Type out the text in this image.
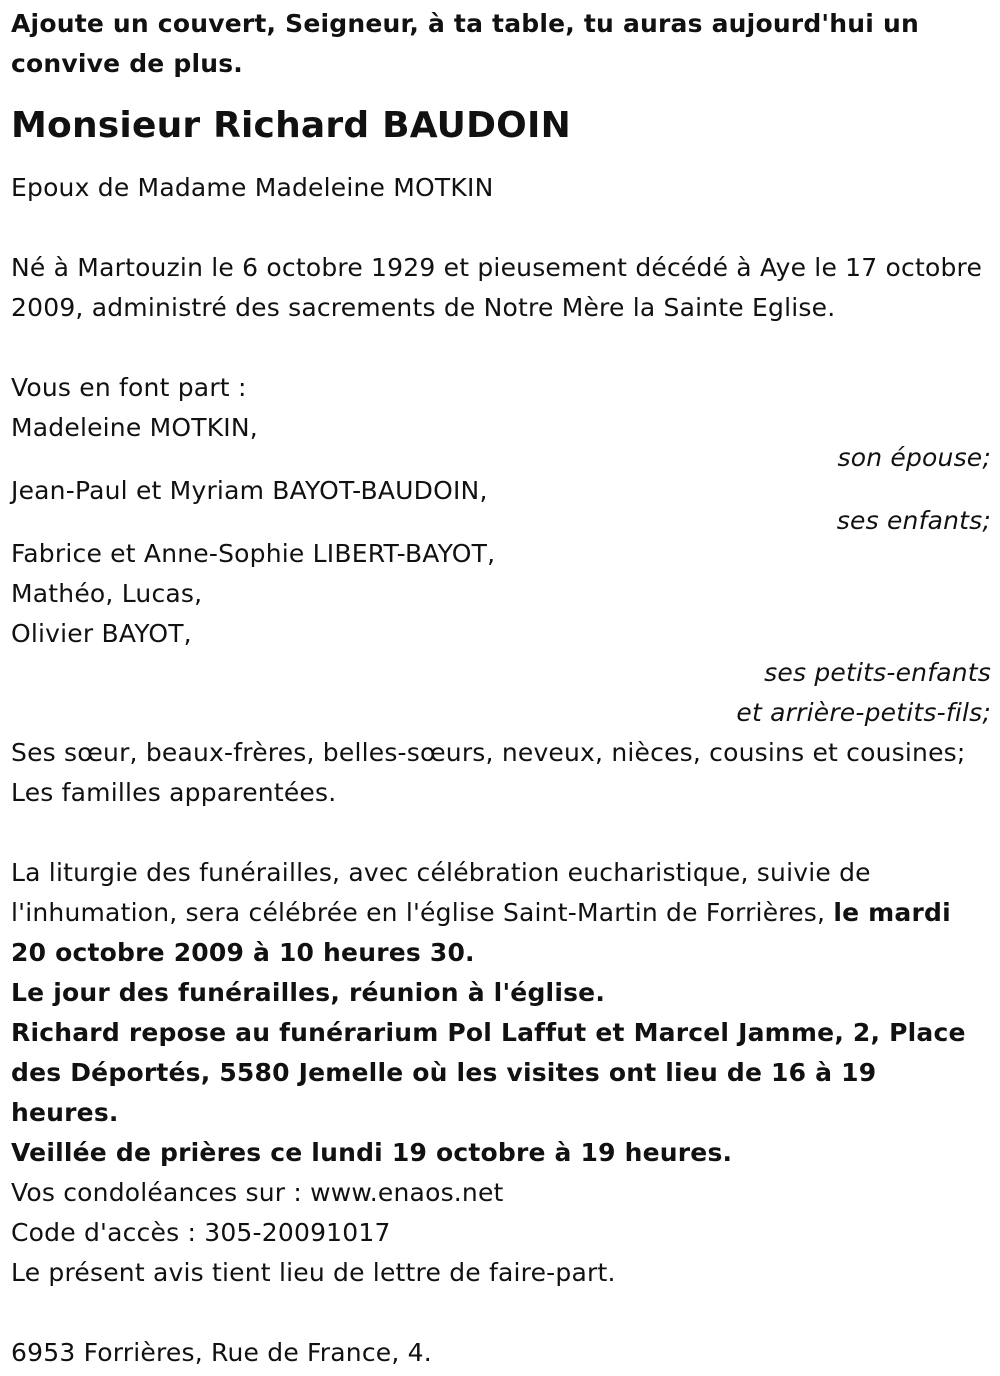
Ajoute un couvert, Seigneur, à ta table, tu auras aujourd'hui un convive de plus.
Monsieur Richard BAUDOIN
Epoux de Madame Madeleine MOTKIN
Né à Martouzin le 6 octobre 1929 et pieusement décédé à Aye le 17 octobre 2009, administré des sacrements de Notre Mère la Sainte Eglise.
Vous en font part :
Madeleine MOTKIN,
son épouse;
Jean-Paul et Myriam BAYOT-BAUDOIN,
ses enfants;
Fabrice et Anne-Sophie LIBERT-BAYOT,
Mathéo, Lucas,
Olivier BAYOT,
ses petits-enfants
et arrière-petits-fils;
Ses sœur, beaux-frères, belles-sœurs, neveux, nièces, cousins et cousines;
Les familles apparentées.
La liturgie des funérailles, avec célébration eucharistique, suivie de l'inhumation, sera célébrée en l'église Saint-Martin de Forrières, le mardi 20 octobre 2009 à 10 heures 30.
Le jour des funérailles, réunion à l'église.
Richard repose au funérarium Pol Laffut et Marcel Jamme, 2, Place des Déportés, 5580 Jemelle où les visites ont lieu de 16 à 19 heures.
Veillée de prières ce lundi 19 octobre à 19 heures.
Vos condoléances sur : www.enaos.net
Code d'accès : 305-20091017
Le présent avis tient lieu de lettre de faire-part.
6953 Forrières, Rue de France, 4.
